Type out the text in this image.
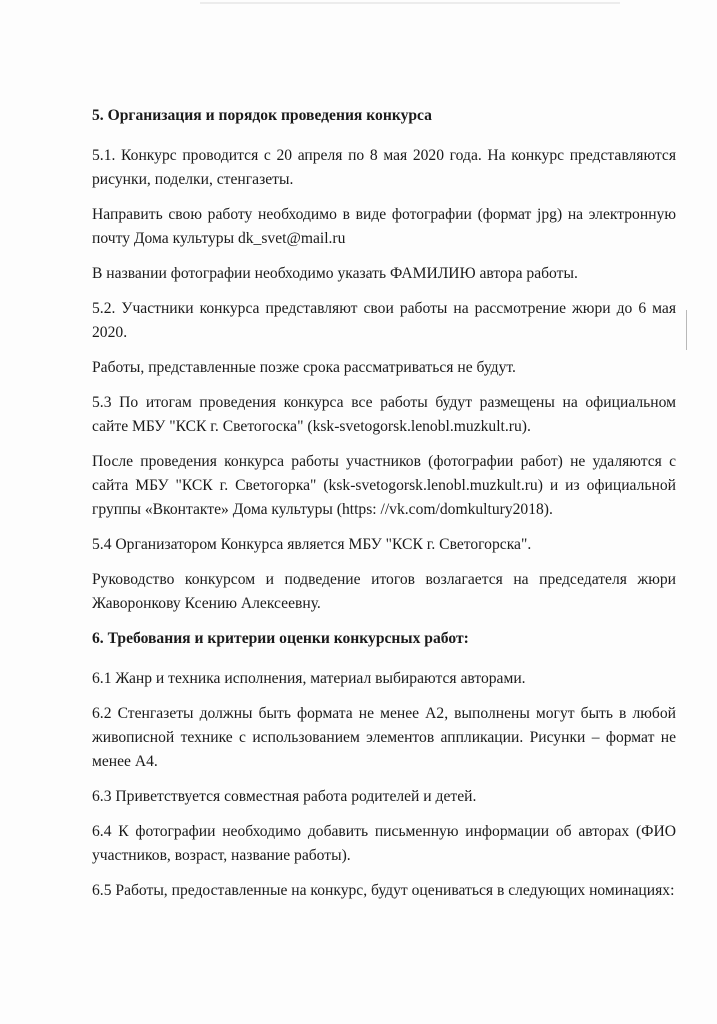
5. Организация и порядок проведения конкурса

5.1. Конкурс проводится с 20 апреля по 8 мая 2020 года. На конкурс представляются рисунки, поделки, стенгазеты.

Направить свою работу необходимо в виде фотографии (формат jpg) на электронную почту Дома культуры dk_svet@mail.ru

В названии фотографии необходимо указать ФАМИЛИЮ автора работы.

5.2. Участники конкурса представляют свои работы на рассмотрение жюри до 6 мая 2020.

Работы, представленные позже срока рассматриваться не будут.

5.3 По итогам проведения конкурса все работы будут размещены на официальном сайте МБУ "КСК г. Светогоска" (ksk-svetogorsk.lenobl.muzkult.ru).

После проведения конкурса работы участников (фотографии работ) не удаляются с сайта МБУ "КСК г. Светогорка" (ksk-svetogorsk.lenobl.muzkult.ru) и из официальной группы «Вконтакте» Дома культуры (https: //vk.com/domkultury2018).

5.4 Организатором Конкурса является МБУ "КСК г. Светогорска".

Руководство конкурсом и подведение итогов возлагается на председателя жюри Жаворонкову Ксению Алексеевну.

6. Требования и критерии оценки конкурсных работ:

6.1 Жанр и техника исполнения, материал выбираются авторами.

6.2 Стенгазеты должны быть формата не менее А2, выполнены могут быть в любой живописной технике с использованием элементов аппликации. Рисунки – формат не менее А4.

6.3 Приветствуется совместная работа родителей и детей.

6.4 К фотографии необходимо добавить письменную информации об авторах (ФИО участников, возраст, название работы).

6.5 Работы, предоставленные на конкурс, будут оцениваться в следующих номинациях:
